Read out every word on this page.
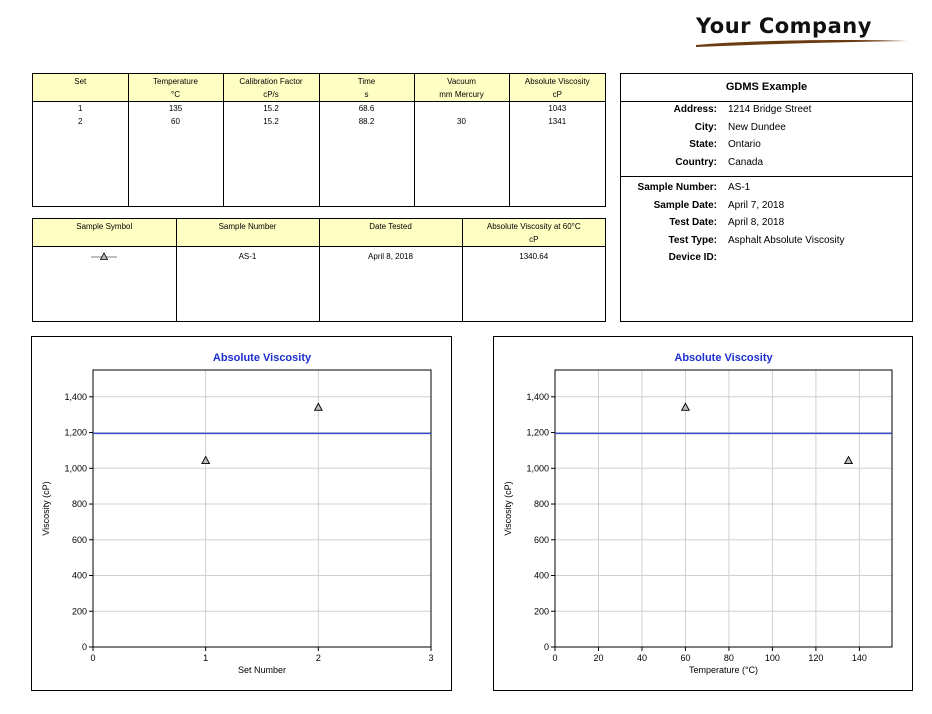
Your Company
Set	Temperature	Calibration Factor	Time	Vacuum	Absolute Viscosity
	°C	cP/s	s	mm Mercury	cP
1	135	15.2	68.6		1043
2	60	15.2	88.2	30	1341

Sample Symbol	Sample Number	Date Tested	Absolute Viscosity at 60°C
			cP
	AS-1	April 8, 2018	1340.64

GDMS Example
Address: 1214 Bridge Street
City: New Dundee
State: Ontario
Country: Canada
Sample Number: AS-1
Sample Date: April 7, 2018
Test Date: April 8, 2018
Test Type: Asphalt Absolute Viscosity
Device ID:
Absolute Viscosity
0
200
400
600
800
1,000
1,200
1,400
0	1	2	3
Set Number
Viscosity (cP)
Absolute Viscosity
0
200
400
600
800
1,000
1,200
1,400
0	20	40	60	80	100	120	140
Temperature (°C)
Viscosity (cP)
